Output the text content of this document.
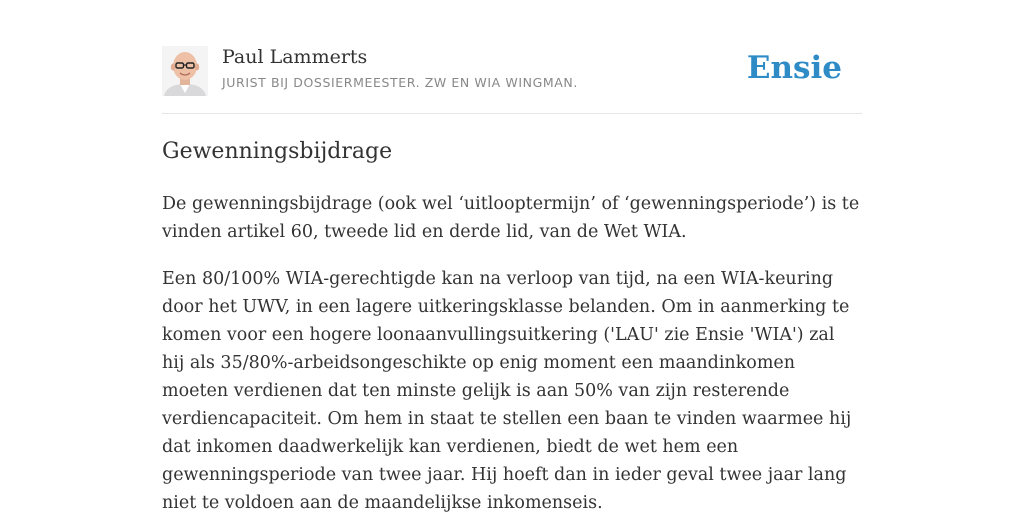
Paul Lammerts
JURIST BIJ DOSSIERMEESTER. ZW EN WIA WINGMAN.	Ensie
Gewenningsbijdrage

De gewenningsbijdrage (ook wel ‘uitlooptermijn’ of ‘gewenningsperiode’) is te vinden artikel 60, tweede lid en derde lid, van de Wet WIA.

Een 80/100% WIA-gerechtigde kan na verloop van tijd, na een WIA-keuring door het UWV, in een lagere uitkeringsklasse belanden. Om in aanmerking te komen voor een hogere loonaanvullingsuitkering ('LAU' zie Ensie 'WIA') zal hij als 35/80%-arbeidsongeschikte op enig moment een maandinkomen moeten verdienen dat ten minste gelijk is aan 50% van zijn resterende verdiencapaciteit. Om hem in staat te stellen een baan te vinden waarmee hij dat inkomen daadwerkelijk kan verdienen, biedt de wet hem een gewenningsperiode van twee jaar. Hij hoeft dan in ieder geval twee jaar lang niet te voldoen aan de maandelijkse inkomenseis.
